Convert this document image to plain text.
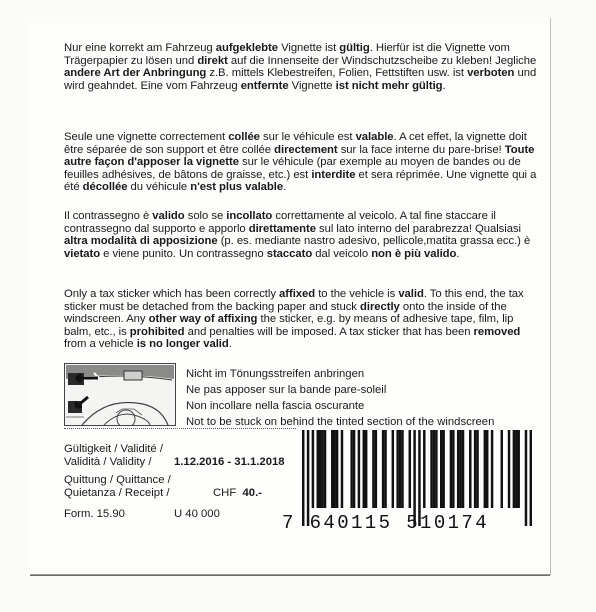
Nur eine korrekt am Fahrzeug aufgeklebte Vignette ist gültig. Hierfür ist die Vignette vom Trägerpapier zu lösen und direkt auf die Innenseite der Windschutzscheibe zu kleben! Jegliche andere Art der Anbringung z.B. mittels Klebestreifen, Folien, Fettstiften usw. ist verboten und wird geahndet. Eine vom Fahrzeug entfernte Vignette ist nicht mehr gültig.
Seule une vignette correctement collée sur le véhicule est valable. A cet effet, la vignette doit être séparée de son support et être collée directement sur la face interne du pare-brise! Toute autre façon d'apposer la vignette sur le véhicule (par exemple au moyen de bandes ou de feuilles adhésives, de bâtons de graisse, etc.) est interdite et sera réprimée. Une vignette qui a été décollée du véhicule n'est plus valable.
Il contrassegno è valido solo se incollato correttamente al veicolo. A tal fine staccare il contrassegno dal supporto e apporlo direttamente sul lato interno del parabrezza! Qualsiasi altra modalità di apposizione (p. es. mediante nastro adesivo, pellicole,matita grassa ecc.) è vietato e viene punito. Un contrassegno staccato dal veicolo non è più valido.
Only a tax sticker which has been correctly affixed to the vehicle is valid. To this end, the tax sticker must be detached from the backing paper and stuck directly onto the inside of the windscreen. Any other way of affixing the sticker, e.g. by means of adhesive tape, film, lip balm, etc., is prohibited and penalties will be imposed. A tax sticker that has been removed from a vehicle is no longer valid.
Nicht im Tönungsstreifen anbringen
Ne pas apposer sur la bande pare-soleil
Non incollare nella fascia oscurante
Not to be stuck on behind the tinted section of the windscreen
Gültigkeit / Validité /
Validità / Validity / 1.12.2016 - 31.1.2018
Quittung / Quittance /
Quietanza / Receipt /	CHF 40.-
Form. 15.90	U 40 000	7 640115 510174
